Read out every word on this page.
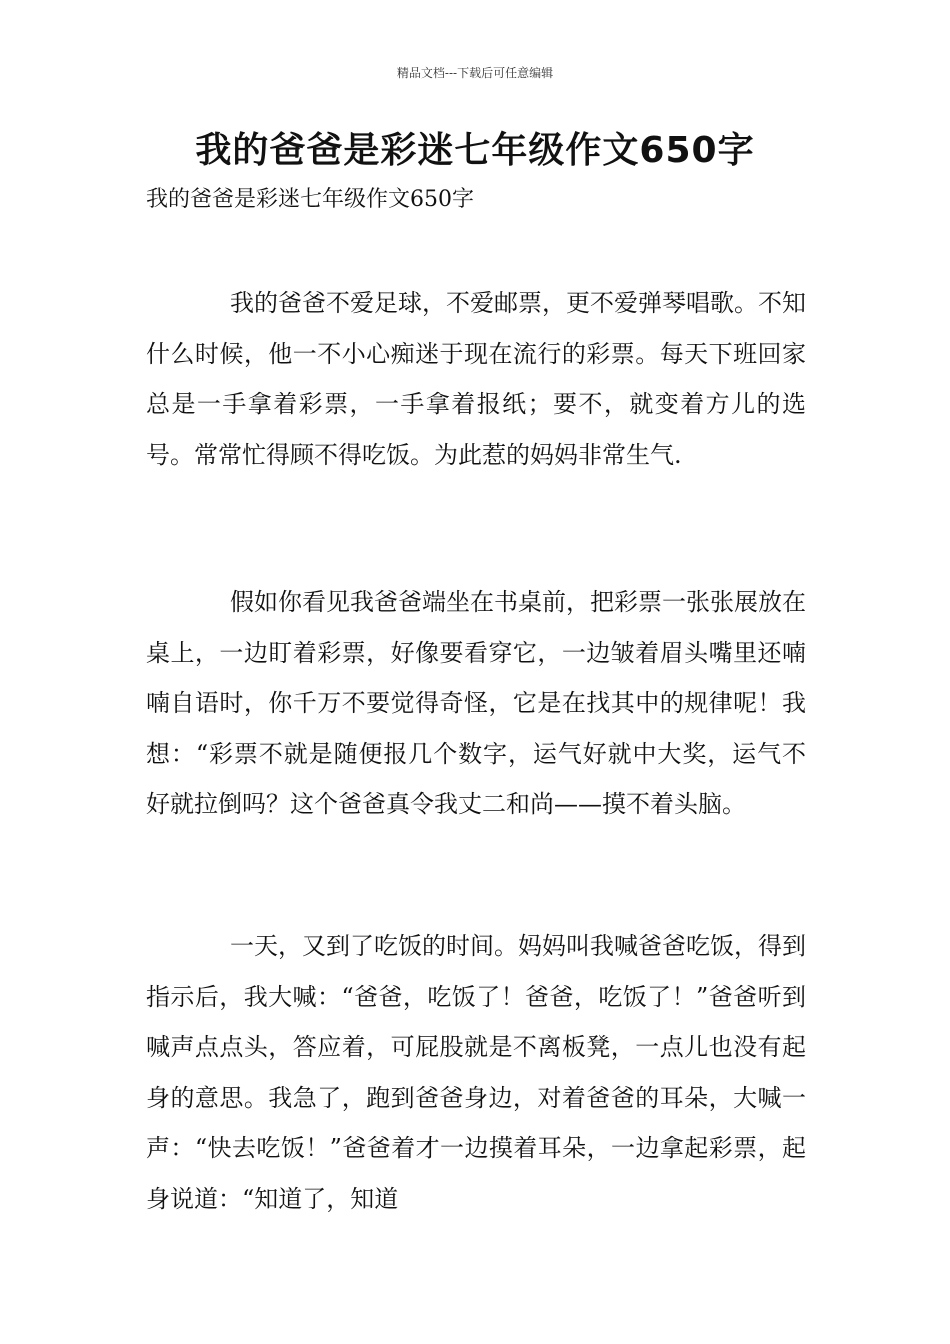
精品文档---下载后可任意编辑
我的爸爸是彩迷七年级作文650字
我的爸爸是彩迷七年级作文650字

我的爸爸不爱足球，不爱邮票，更不爱弹琴唱歌。不知什么时候，他一不小心痴迷于现在流行的彩票。每天下班回家总是一手拿着彩票，一手拿着报纸；要不，就变着方儿的选号。常常忙得顾不得吃饭。为此惹的妈妈非常生气.

假如你看见我爸爸端坐在书桌前，把彩票一张张展放在桌上，一边盯着彩票，好像要看穿它，一边皱着眉头嘴里还喃喃自语时，你千万不要觉得奇怪，它是在找其中的规律呢！我想：“彩票不就是随便报几个数字，运气好就中大奖，运气不好就拉倒吗？这个爸爸真令我丈二和尚——摸不着头脑。

一天，又到了吃饭的时间。妈妈叫我喊爸爸吃饭，得到指示后，我大喊：“爸爸，吃饭了！爸爸，吃饭了！”爸爸听到喊声点点头，答应着，可屁股就是不离板凳，一点儿也没有起身的意思。我急了，跑到爸爸身边，对着爸爸的耳朵，大喊一声：“快去吃饭！”爸爸着才一边摸着耳朵，一边拿起彩票，起身说道：“知道了，知道
